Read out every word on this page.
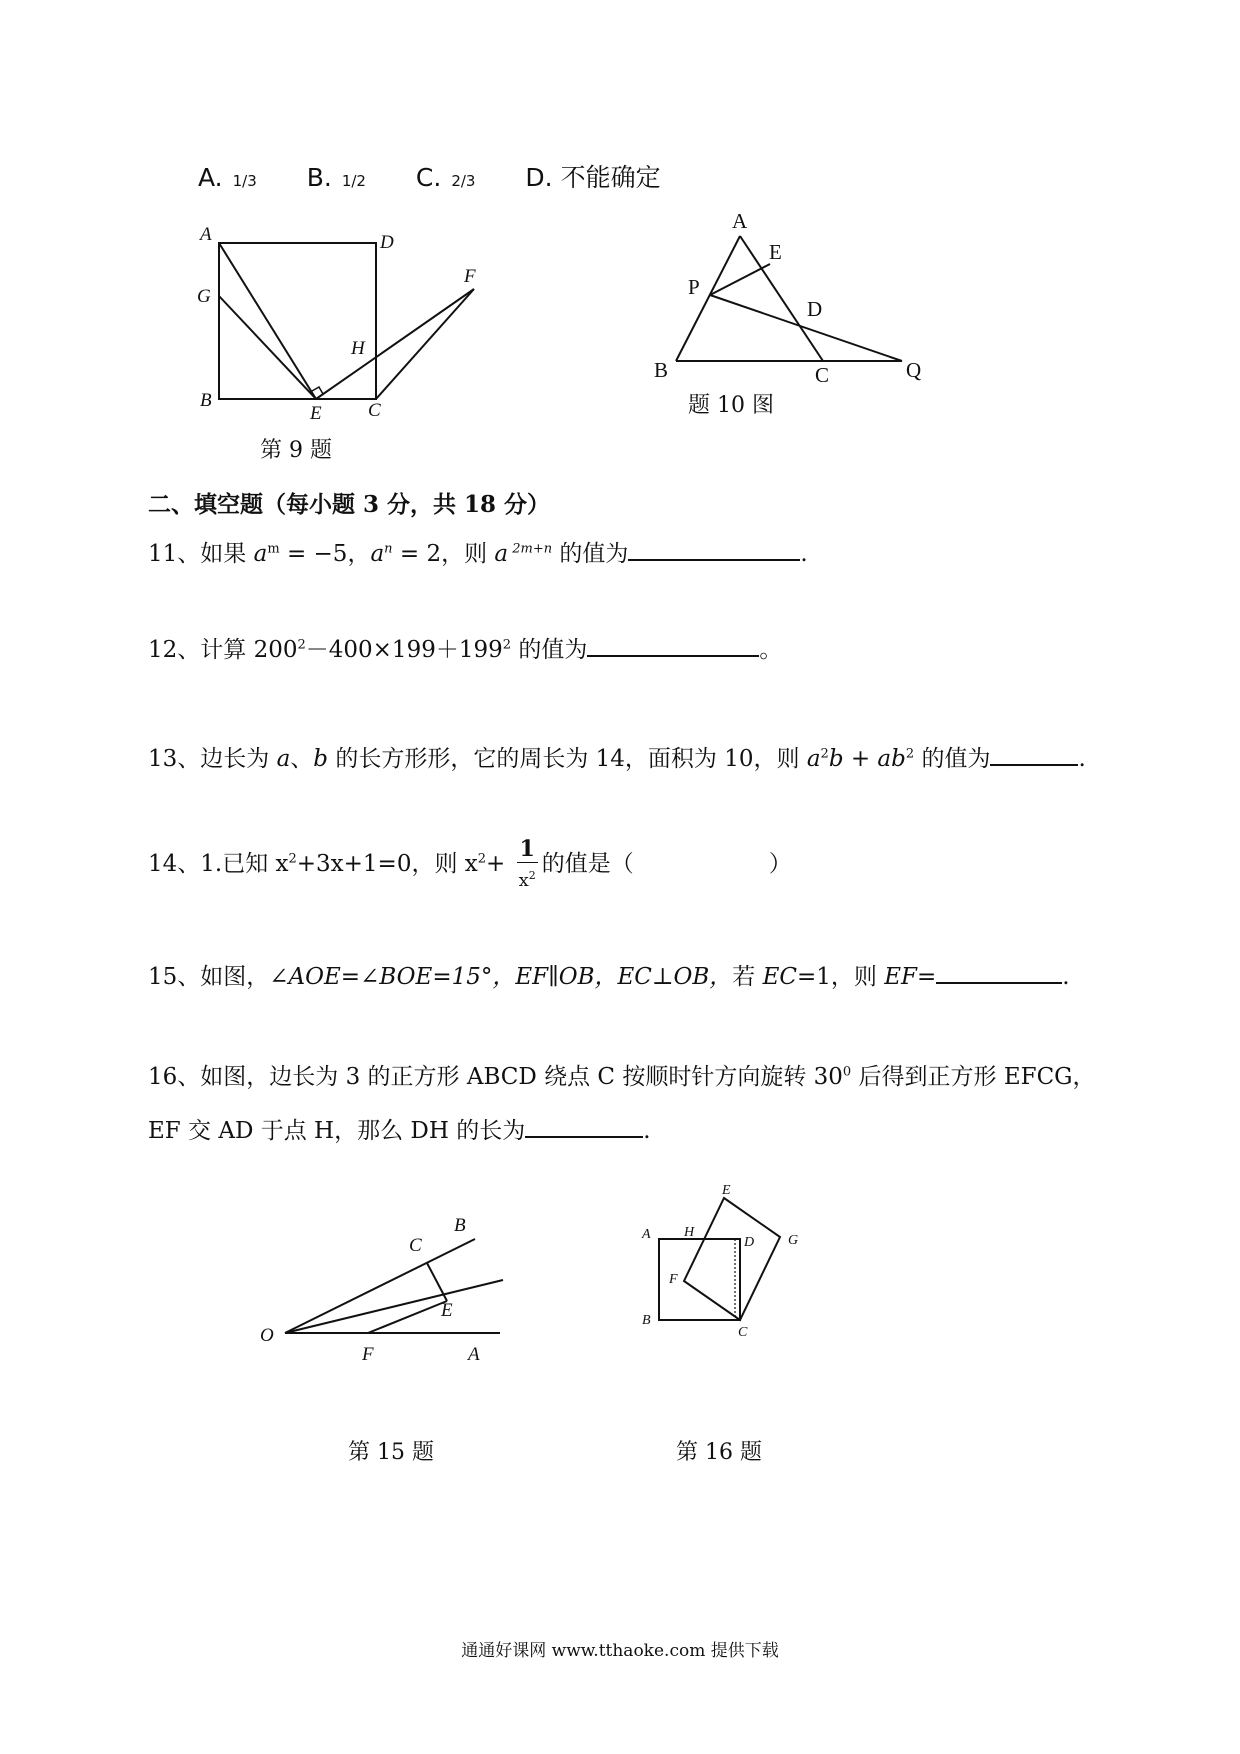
A. 1/3 B. 1/2 C. 2/3 D. 不能确定
A	D
G
F
H
B
E C
第 9 题
A
E
P
D
B	C	Q
题 10 图
二、填空题（每小题 3 分，共 18 分）
11、如果 $a^m = -5$，$a^n = 2$，则 a $^{2m+n}$ 的值为	.
12、计算 $200^2-400\times 199+199^2$ 的值为	。
13、边长为 a、b 的长方形形，它的周长为 14，面积为 10，则 $a^2b + ab^2$ 的值为	.
14、1.已知 $x^2+3x+1=0$，则 $x^2+ \frac{1}{x^2}$ 的值是（	）
15、如图，∠AOE=∠BOE=15°，EF∥OB，EC⊥OB，若 EC=1，则 EF=	.
16、如图，边长为 3 的正方形 ABCD 绕点 C 按顺时针方向旋转 $30^0$ 后得到正方形 EFCG，
EF 交 AD 于点 H，那么 DH 的长为	.
B
C
E
O
F	A
第 15 题
E
A H
D G
F
B
C
第 16 题
通通好课网 www.tthaoke.com 提供下载
